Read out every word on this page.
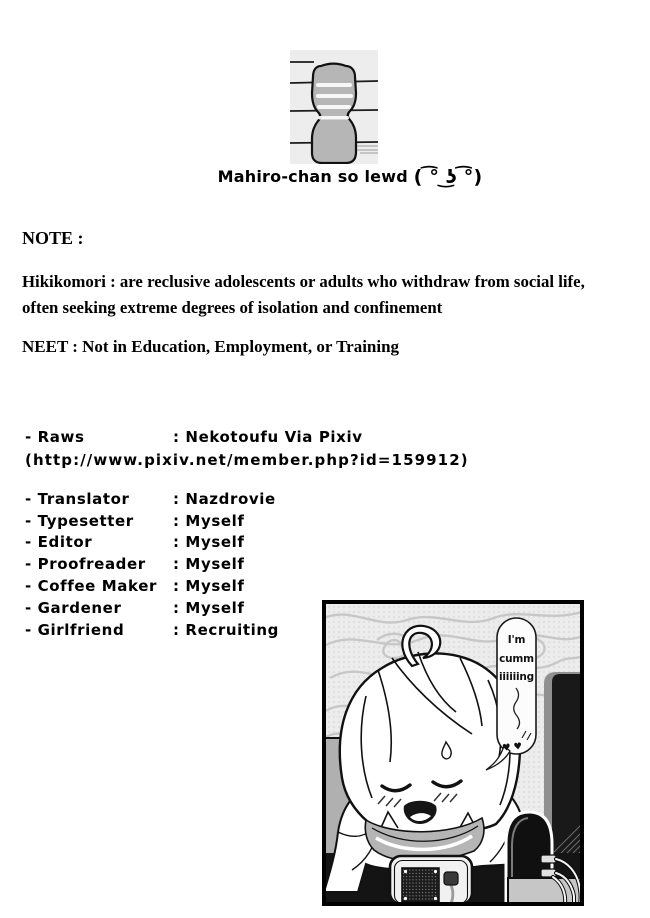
Mahiro-chan so lewd ( ͡° ͜ʖ ͡°)
NOTE :

Hikikomori : are reclusive adolescents or adults who withdraw from social life, often seeking extreme degrees of isolation and confinement

NEET : Not in Education, Employment, or Training

- Raws	: Nekotoufu Via Pixiv
(http://www.pixiv.net/member.php?id=159912)
- Translator	: Nazdrovie
- Typesetter	: Myself
- Editor	: Myself
- Proofreader	: Myself
- Coffee Maker	: Myself
- Gardener	: Myself
- Girlfriend	: Recruiting
I'm
cumm
iiiiiing
♥ ♥
